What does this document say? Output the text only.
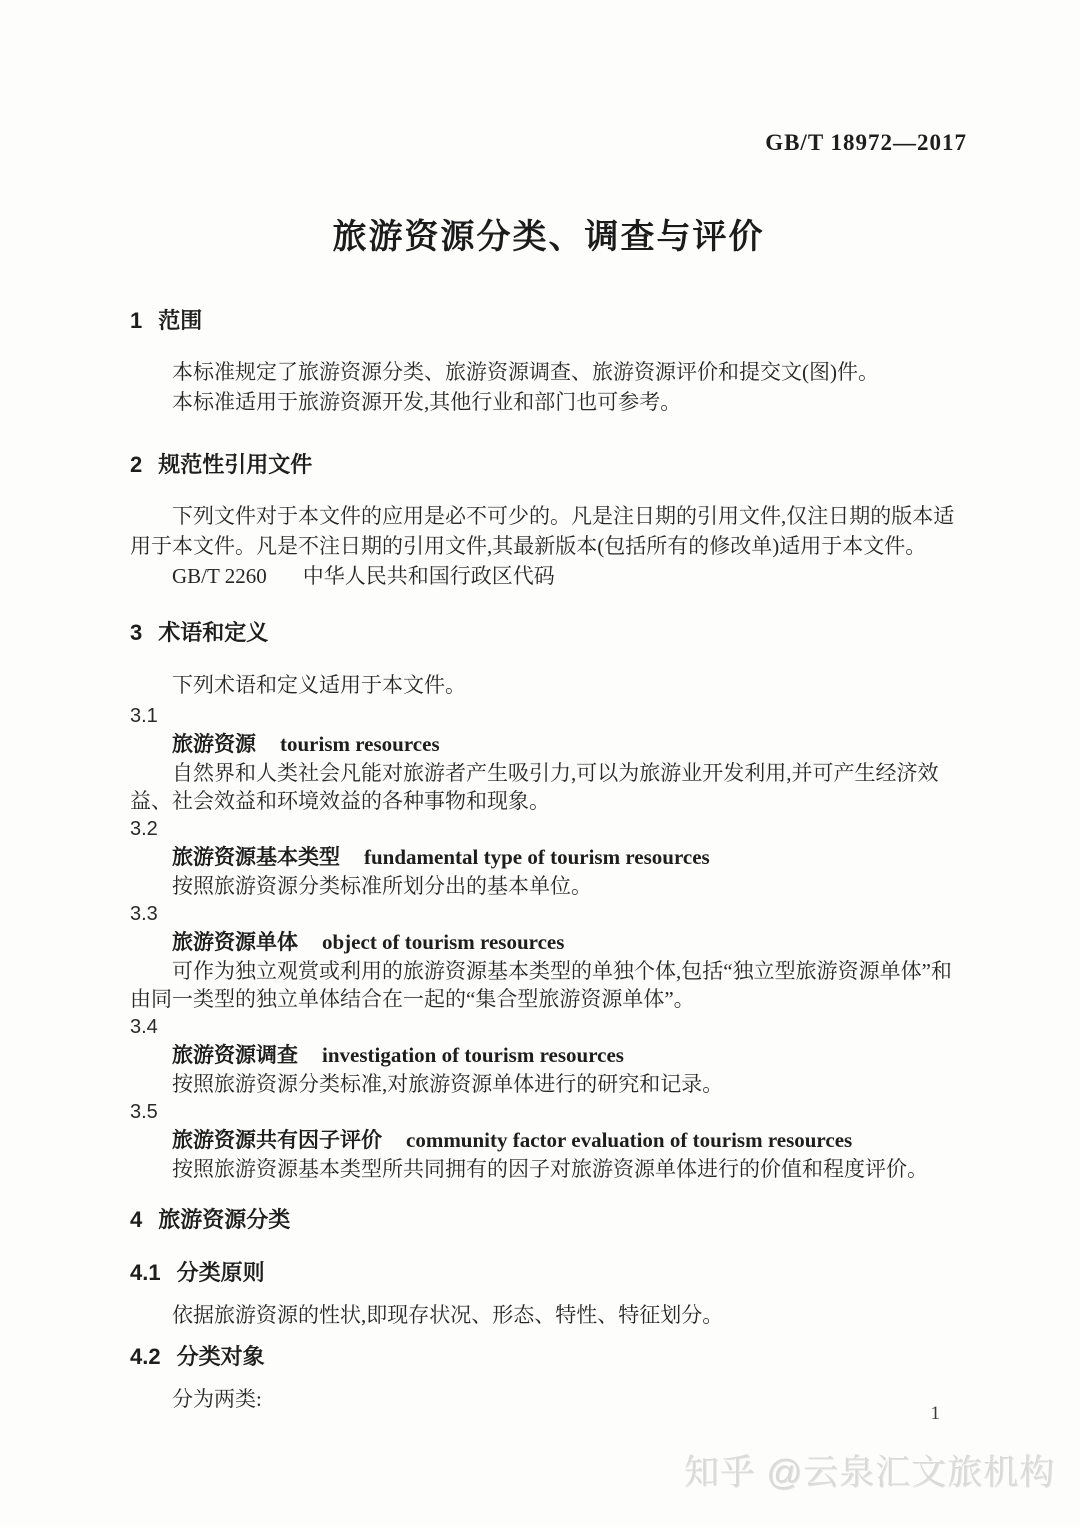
GB/T 18972—2017
旅游资源分类、调查与评价
1 范围

本标准规定了旅游资源分类、旅游资源调查、旅游资源评价和提交文(图)件。

本标准适用于旅游资源开发,其他行业和部门也可参考。

2 规范性引用文件

下列文件对于本文件的应用是必不可少的。凡是注日期的引用文件,仅注日期的版本适用于本文件。凡是不注日期的引用文件,其最新版本(包括所有的修改单)适用于本文件。

GB/T 2260 中华人民共和国行政区代码

3 术语和定义

下列术语和定义适用于本文件。

3.1

旅游资源 tourism resources

自然界和人类社会凡能对旅游者产生吸引力,可以为旅游业开发利用,并可产生经济效益、社会效益和环境效益的各种事物和现象。

3.2

旅游资源基本类型 fundamental type of tourism resources

按照旅游资源分类标准所划分出的基本单位。

3.3

旅游资源单体 object of tourism resources

可作为独立观赏或利用的旅游资源基本类型的单独个体,包括“独立型旅游资源单体”和由同一类型的独立单体结合在一起的“集合型旅游资源单体”。

3.4

旅游资源调查 investigation of tourism resources

按照旅游资源分类标准,对旅游资源单体进行的研究和记录。

3.5

旅游资源共有因子评价 community factor evaluation of tourism resources

按照旅游资源基本类型所共同拥有的因子对旅游资源单体进行的价值和程度评价。

4 旅游资源分类
4.1 分类原则

依据旅游资源的性状,即现存状况、形态、特性、特征划分。

4.2 分类对象

分为两类:

1
知乎 @云泉汇文旅机构
